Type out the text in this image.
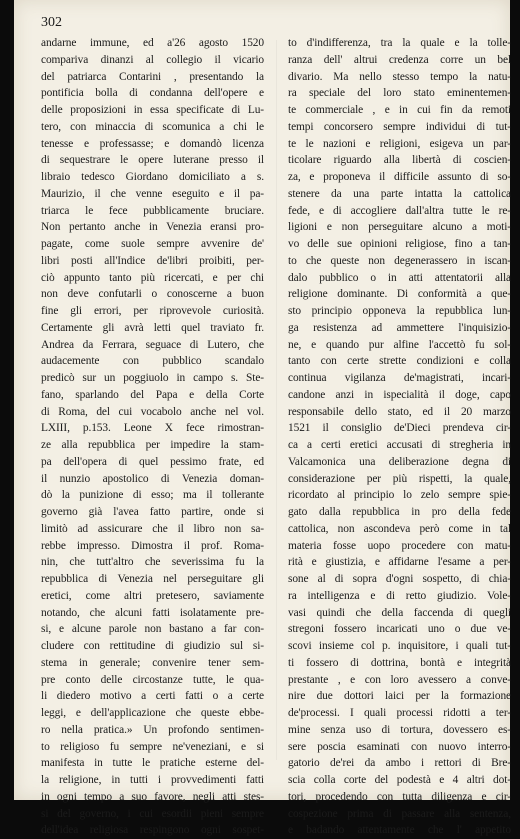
302
andarne immune, ed a'26 agosto 1520
compariva dinanzi al collegio il vicario
del patriarca Contarini , presentando la
pontificia bolla di condanna dell'opere e
delle proposizioni in essa specificate di Lu-
tero, con minaccia di scomunica a chi le
tenesse e professasse; e domandò licenza
di sequestrare le opere luterane presso il
libraio tedesco Giordano domiciliato a s.
Maurizio, il che venne eseguito e il pa-
triarca le fece pubblicamente bruciare.
Non pertanto anche in Venezia eransi pro-
pagate, come suole sempre avvenire de'
libri posti all'Indice de'libri proibiti, per-
ciò appunto tanto più ricercati, e per chi
non deve confutarli o conoscerne a buon
fine gli errori, per riprovevole curiosità.
Certamente gli avrà letti quel traviato fr.
Andrea da Ferrara, seguace di Lutero, che
audacemente con pubblico scandalo
predicò sur un poggiuolo in campo s. Ste-
fano, sparlando del Papa e della Corte
di Roma, del cui vocabolo anche nel vol.
LXIII, p.153. Leone X fece rimostran-
ze alla repubblica per impedire la stam-
pa dell'opera di quel pessimo frate, ed
il nunzio apostolico di Venezia doman-
dò la punizione di esso; ma il tollerante
governo già l'avea fatto partire, onde si
limitò ad assicurare che il libro non sa-
rebbe impresso. Dimostra il prof. Roma-
nin, che tutt'altro che severissima fu la
repubblica di Venezia nel perseguitare gli
eretici, come altri pretesero, saviamente
notando, che alcuni fatti isolatamente pre-
si, e alcune parole non bastano a far con-
cludere con rettitudine di giudizio sul si-
stema in generale; convenire tener sem-
pre conto delle circostanze tutte, le qua-
li diedero motivo a certi fatti o a certe
leggi, e dell'applicazione che queste ebbe-
ro nella pratica.» Un profondo sentimen-
to religioso fu sempre ne'veneziani, e si
manifesta in tutte le pratiche esterne del-
la religione, in tutti i provvedimenti fatti
in ogni tempo a suo favore, negli atti stes-
si del governo, i cui esordii pieni sempre
dell'idea religiosa respingono ogni sospet-
to d'indifferenza, tra la quale e la tolle-
ranza dell' altrui credenza corre un bel
divario. Ma nello stesso tempo la natu-
ra speciale del loro stato eminentemen-
te commerciale , e in cui fin da remoti
tempi concorsero sempre individui di tut-
te le nazioni e religioni, esigeva un par-
ticolare riguardo alla libertà di coscien-
za, e proponeva il difficile assunto di so-
stenere da una parte intatta la cattolica
fede, e di accogliere dall'altra tutte le re-
ligioni e non perseguitare alcuno a moti-
vo delle sue opinioni religiose, fino a tan-
to che queste non degenerassero in iscan-
dalo pubblico o in atti attentatorii alla
religione dominante. Di conformità a que-
sto principio opponeva la repubblica lun-
ga resistenza ad ammettere l'inquisizio-
ne, e quando pur alfine l'accettò fu sol-
tanto con certe strette condizioni e colla
continua vigilanza de'magistrati, incari-
candone anzi in ispecialità il doge, capo
responsabile dello stato, ed il 20 marzo
1521 il consiglio de'Dieci prendeva cir-
ca a certi eretici accusati di stregheria in
Valcamonica una deliberazione degna di
considerazione per più rispetti, la quale,
ricordato al principio lo zelo sempre spie-
gato dalla repubblica in pro della fede
cattolica, non ascondeva però come in tal
materia fosse uopo procedere con matu-
rità e giustizia, e affidarne l'esame a per-
sone al di sopra d'ogni sospetto, di chia-
ra intelligenza e di retto giudizio. Vole-
vasi quindi che della faccenda di quegli
stregoni fossero incaricati uno o due ve-
scovi insieme col p. inquisitore, i quali tut-
ti fossero di dottrina, bontà e integrità
prestante , e con loro avessero a conve-
nire due dottori laici per la formazione
de'processi. I quali processi ridotti a ter-
mine senza uso di tortura, dovessero es-
sere poscia esaminati con nuovo interro-
gatorio de'rei da ambo i rettori di Bre-
scia colla corte del podestà e 4 altri dot-
tori, procedendo con tutta diligenza e cir-
cospezione prima di passare alla sentenza,
e badando attentamente che l' appetito
